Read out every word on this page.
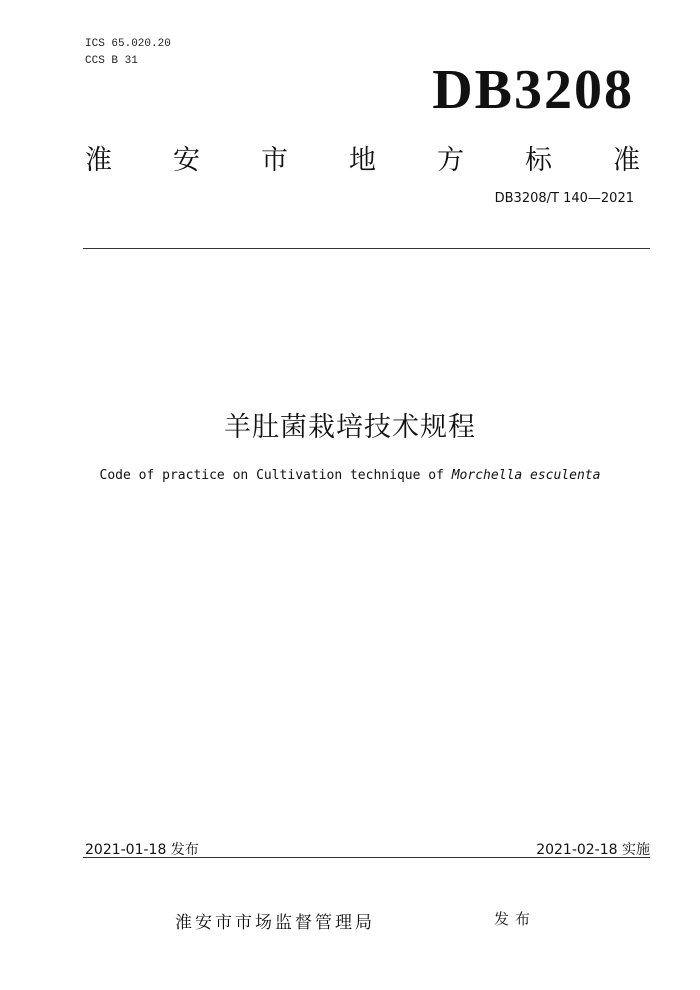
ICS 65.020.20
CCS B 31	DB3208
淮 安 市 地 方 标 准
DB3208/T 140—2021
羊肚菌栽培技术规程
Code of practice on Cultivation technique of Morchella esculenta
2021-01-18 发布	2021-02-18 实施
淮安市市场监督管理局	发布
